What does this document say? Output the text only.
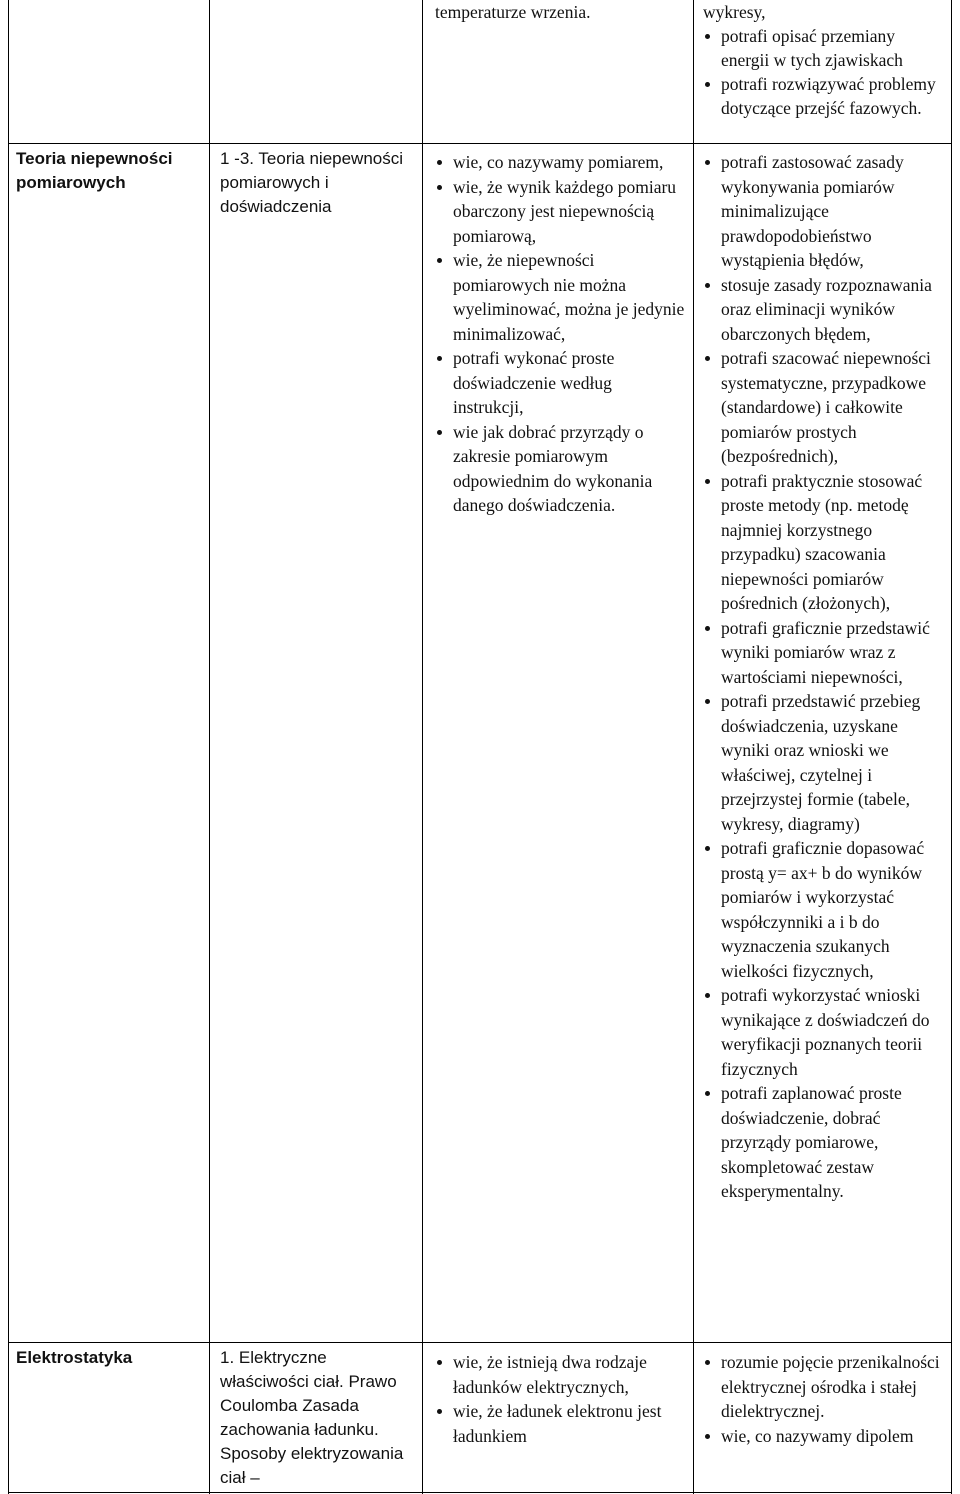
temperaturze wrzenia.	wykresy,
potrafi opisać przemiany energii w tych zjawiskach
potrafi rozwiązywać problemy dotyczące przejść fazowych.
Teoria niepewności pomiarowych
1 -3. Teoria niepewności pomiarowych i doświadczenia
wie, co nazywamy pomiarem,
wie, że wynik każdego pomiaru obarczony jest niepewnością pomiarową,
wie, że niepewności pomiarowych nie można wyeliminować, można je jedynie minimalizować,
potrafi wykonać proste doświadczenie według instrukcji,
wie jak dobrać przyrządy o zakresie pomiarowym odpowiednim do wykonania danego doświadczenia.
potrafi zastosować zasady wykonywania pomiarów minimalizujące prawdopodobieństwo wystąpienia błędów,
stosuje zasady rozpoznawania oraz eliminacji wyników obarczonych błędem,
potrafi szacować niepewności systematyczne, przypadkowe (standardowe) i całkowite pomiarów prostych (bezpośrednich),
potrafi praktycznie stosować proste metody (np. metodę najmniej korzystnego przypadku) szacowania niepewności pomiarów pośrednich (złożonych),
potrafi graficznie przedstawić wyniki pomiarów wraz z wartościami niepewności,
potrafi przedstawić przebieg doświadczenia, uzyskane wyniki oraz wnioski we właściwej, czytelnej i przejrzystej formie (tabele, wykresy, diagramy)
potrafi graficznie dopasować prostą y= ax+ b do wyników pomiarów i wykorzystać współczynniki a i b do wyznaczenia szukanych wielkości fizycznych,
potrafi wykorzystać wnioski wynikające z doświadczeń do weryfikacji poznanych teorii fizycznych
potrafi zaplanować proste doświadczenie, dobrać przyrządy pomiarowe, skompletować zestaw eksperymentalny.
Elektrostatyka	1. Elektryczne właściwości ciał. Prawo Coulomba Zasada zachowania ładunku. Sposoby elektryzowania ciał –
wie, że istnieją dwa rodzaje ładunków elektrycznych,
wie, że ładunek elektronu jest ładunkiem
rozumie pojęcie przenikalności elektrycznej ośrodka i stałej dielektrycznej.
wie, co nazywamy dipolem
